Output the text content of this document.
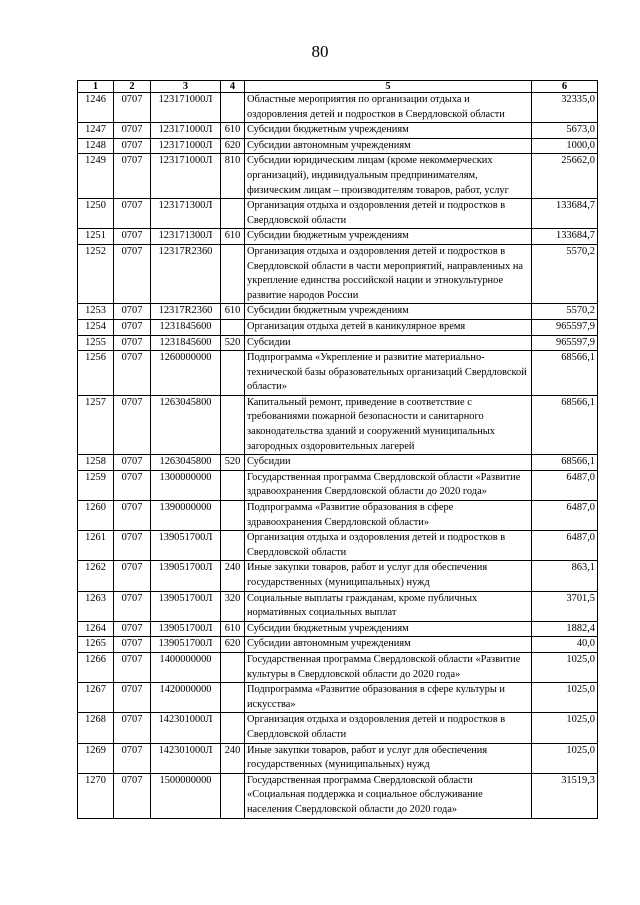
80
1	2	3	4	5	6
1246	0707	123171000Л		Областные мероприятия по организации отдыха и оздоровления детей и подростков в Свердловской области	32335,0
1247	0707	123171000Л	610	Субсидии бюджетным учреждениям	5673,0
1248	0707	123171000Л	620	Субсидии автономным учреждениям	1000,0
1249	0707	123171000Л	810	Субсидии юридическим лицам (кроме некоммерческих организаций), индивидуальным предпринимателям, физическим лицам – производителям товаров, работ, услуг	25662,0
1250	0707	123171300Л		Организация отдыха и оздоровления детей и подростков в Свердловской области	133684,7
1251	0707	123171300Л	610	Субсидии бюджетным учреждениям	133684,7
1252	0707	12317R2360		Организация отдыха и оздоровления детей и подростков в Свердловской области в части мероприятий, направленных на укрепление единства российской нации и этнокультурное развитие народов России	5570,2
1253	0707	12317R2360	610	Субсидии бюджетным учреждениям	5570,2
1254	0707	1231845600		Организация отдыха детей в каникулярное время	965597,9
1255	0707	1231845600	520	Субсидии	965597,9
1256	0707	1260000000		Подпрограмма «Укрепление и развитие материально-технической базы образовательных организаций Свердловской области»	68566,1
1257	0707	1263045800		Капитальный ремонт, приведение в соответствие с требованиями пожарной безопасности и санитарного законодательства зданий и сооружений муниципальных загородных оздоровительных лагерей	68566,1
1258	0707	1263045800	520	Субсидии	68566,1
1259	0707	1300000000		Государственная программа Свердловской области «Развитие здравоохранения Свердловской области до 2020 года»	6487,0
1260	0707	1390000000		Подпрограмма «Развитие образования в сфере здравоохранения Свердловской области»	6487,0
1261	0707	139051700Л		Организация отдыха и оздоровления детей и подростков в Свердловской области	6487,0
1262	0707	139051700Л	240	Иные закупки товаров, работ и услуг для обеспечения государственных (муниципальных) нужд	863,1
1263	0707	139051700Л	320	Социальные выплаты гражданам, кроме публичных нормативных социальных выплат	3701,5
1264	0707	139051700Л	610	Субсидии бюджетным учреждениям	1882,4
1265	0707	139051700Л	620	Субсидии автономным учреждениям	40,0
1266	0707	1400000000		Государственная программа Свердловской области «Развитие культуры в Свердловской области до 2020 года»	1025,0
1267	0707	1420000000		Подпрограмма «Развитие образования в сфере культуры и искусства»	1025,0
1268	0707	142301000Л		Организация отдыха и оздоровления детей и подростков в Свердловской области	1025,0
1269	0707	142301000Л	240	Иные закупки товаров, работ и услуг для обеспечения государственных (муниципальных) нужд	1025,0
1270	0707	1500000000		Государственная программа Свердловской области «Социальная поддержка и социальное обслуживание населения Свердловской области до 2020 года»	31519,3
